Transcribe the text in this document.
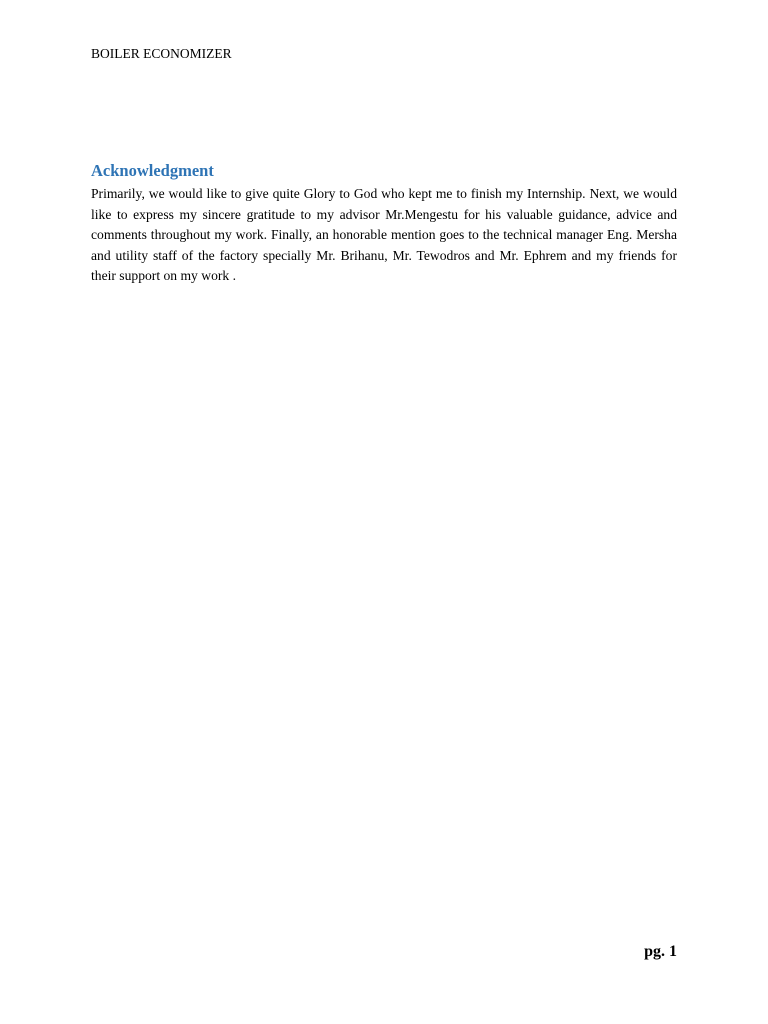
BOILER ECONOMIZER
Acknowledgment

Primarily, we would like to give quite Glory to God who kept me to finish my Internship. Next, we would like to express my sincere gratitude to my advisor Mr.Mengestu for his valuable guidance, advice and comments throughout my work. Finally, an honorable mention goes to the technical manager Eng. Mersha and utility staff of the factory specially Mr. Brihanu, Mr. Tewodros and Mr. Ephrem and my friends for their support on my work .

pg. 1
